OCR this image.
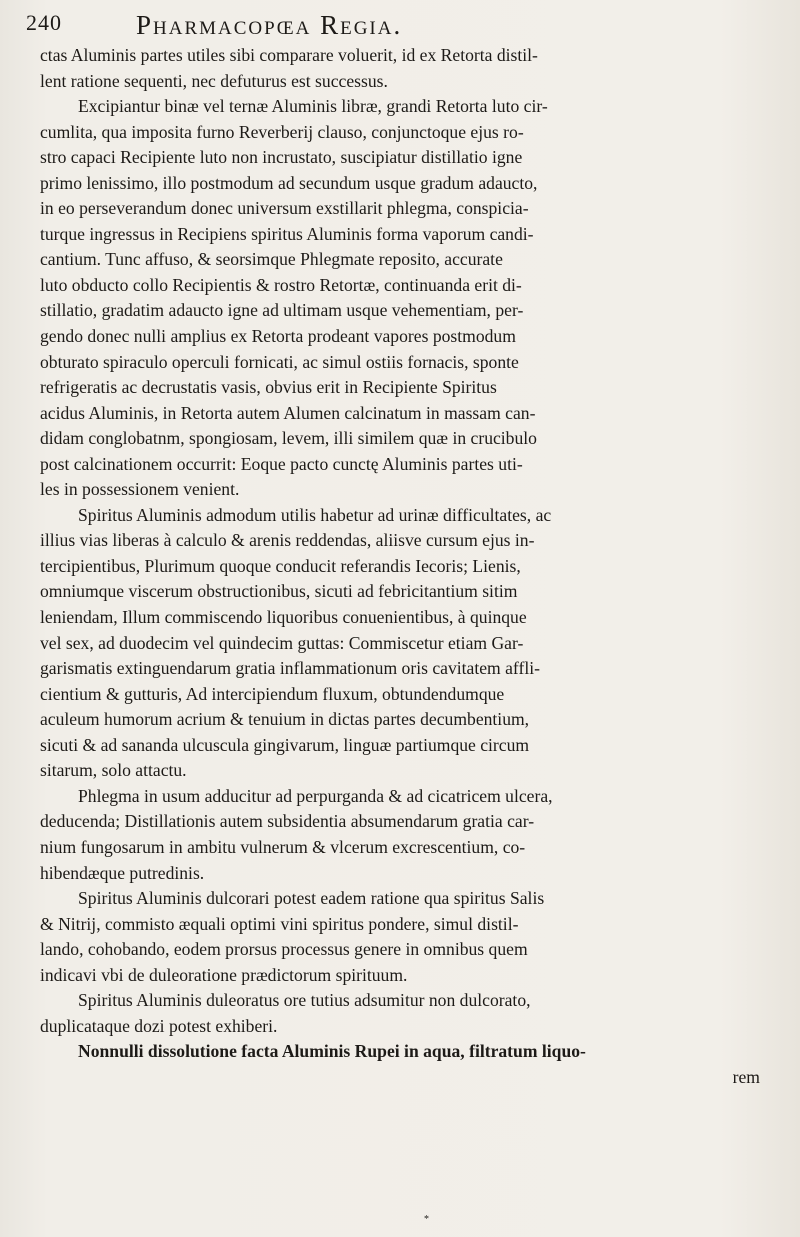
240	Pharmacopœa Regia.
ctas Aluminis partes utiles sibi comparare voluerit, id ex Retorta distil-
lent ratione sequenti, nec defuturus est successus.
Excipiantur binæ vel ternæ Aluminis libræ, grandi Retorta luto cir-
cumlita, qua imposita furno Reverberij clauso, conjunctoque ejus ro-
stro capaci Recipiente luto non incrustato, suscipiatur distillatio igne
primo lenissimo, illo postmodum ad secundum usque gradum adaucto,
in eo perseverandum donec universum exstillarit phlegma, conspicia-
turque ingressus in Recipiens spiritus Aluminis forma vaporum candi-
cantium. Tunc affuso, & seorsimque Phlegmate reposito, accurate
luto obducto collo Recipientis & rostro Retortæ, continuanda erit di-
stillatio, gradatim adaucto igne ad ultimam usque vehementiam, per-
gendo donec nulli amplius ex Retorta prodeant vapores postmodum
obturato spiraculo operculi fornicati, ac simul ostiis fornacis, sponte
refrigeratis ac decrustatis vasis, obvius erit in Recipiente Spiritus
acidus Aluminis, in Retorta autem Alumen calcinatum in massam can-
didam conglobatnm, spongiosam, levem, illi similem quæ in crucibulo
post calcinationem occurrit: Eoque pacto cunctę Aluminis partes uti-
les in possessionem venient.
Spiritus Aluminis admodum utilis habetur ad urinæ difficultates, ac
illius vias liberas à calculo & arenis reddendas, aliisve cursum ejus in-
tercipientibus, Plurimum quoque conducit referandis Iecoris; Lienis,
omniumque viscerum obstructionibus, sicuti ad febricitantium sitim
leniendam, Illum commiscendo liquoribus conuenientibus, à quinque
vel sex, ad duodecim vel quindecim guttas: Commiscetur etiam Gar-
garismatis extinguendarum gratia inflammationum oris cavitatem affli-
cientium & gutturis, Ad intercipiendum fluxum, obtundendumque
aculeum humorum acrium & tenuium in dictas partes decumbentium,
sicuti & ad sananda ulcuscula gingivarum, linguæ partiumque circum
sitarum, solo attactu.
Phlegma in usum adducitur ad perpurganda & ad cicatricem ulcera,
deducenda; Distillationis autem subsidentia absumendarum gratia car-
nium fungosarum in ambitu vulnerum & vlcerum excrescentium, co-
hibendæque putredinis.
Spiritus Aluminis dulcorari potest eadem ratione qua spiritus Salis
& Nitrij, commisto æquali optimi vini spiritus pondere, simul distil-
lando, cohobando, eodem prorsus processus genere in omnibus quem
indicavi vbi de duleoratione prædictorum spirituum.
Spiritus Aluminis duleoratus ore tutius adsumitur non dulcorato,
duplicataque dozi potest exhiberi.
Nonnulli dissolutione facta Aluminis Rupei in aqua, filtratum liquo-
rem
*
